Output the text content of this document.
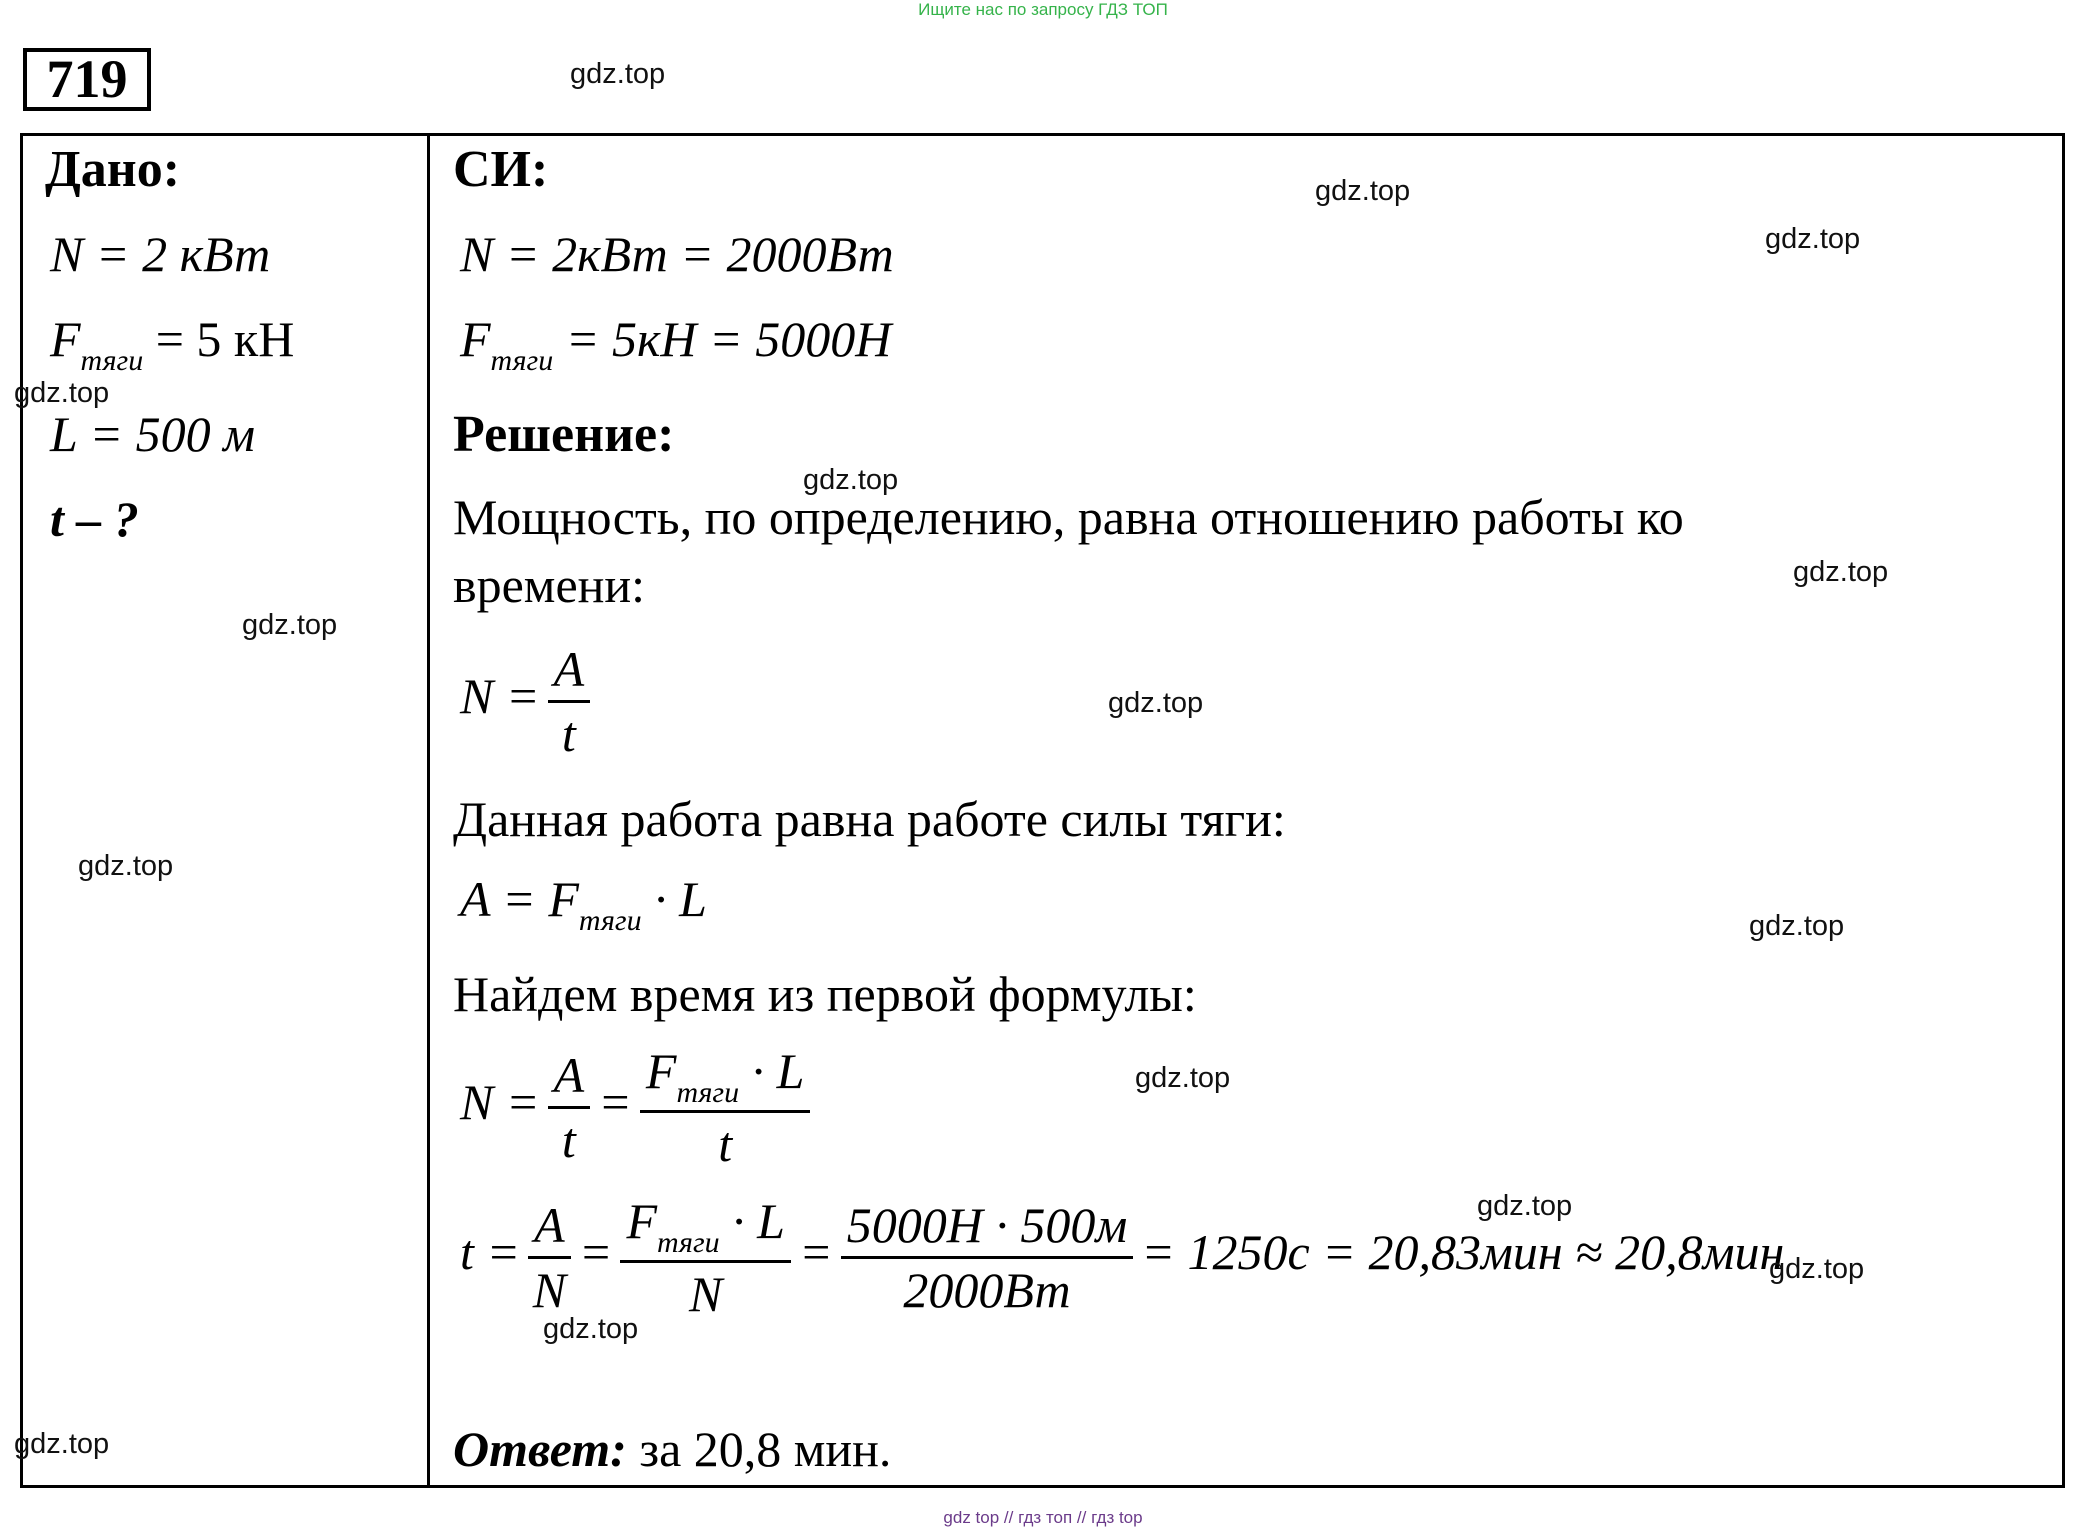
Ищите нас по запросу ГДЗ ТОП
719
Дано:
N = 2 кВт
$F_{тяги} = 5$ кН
L = 500 м
t – ?
СИ:
N = 2кВт = 2000Вт
$F_{тяги} = 5кН = 5000Н$
Решение:
Мощность, по определению, равна отношению работы ко
времени:
$N = \frac{A}{t}$
Данная работа равна работе силы тяги:
$A = F_{тяги} \cdot L$
Найдем время из первой формулы:
$N = \frac{A}{t} = \frac{F_{тяги} \cdot L}{t}$
$t = \frac{A}{N} = \frac{F_{тяги} \cdot L}{N} = \frac{5000Н \cdot 500м}{2000Вт} = 1250с = 20,83мин \approx 20,8мин$
Ответ: за 20,8 мин.
gdz.top
gdz.top
gdz.top
gdz.top
gdz.top
gdz.top
gdz.top
gdz.top
gdz.top
gdz.top
gdz.top
gdz.top
gdz.top
gdz.top
gdz.top
gdz top // гдз топ // гдз top
